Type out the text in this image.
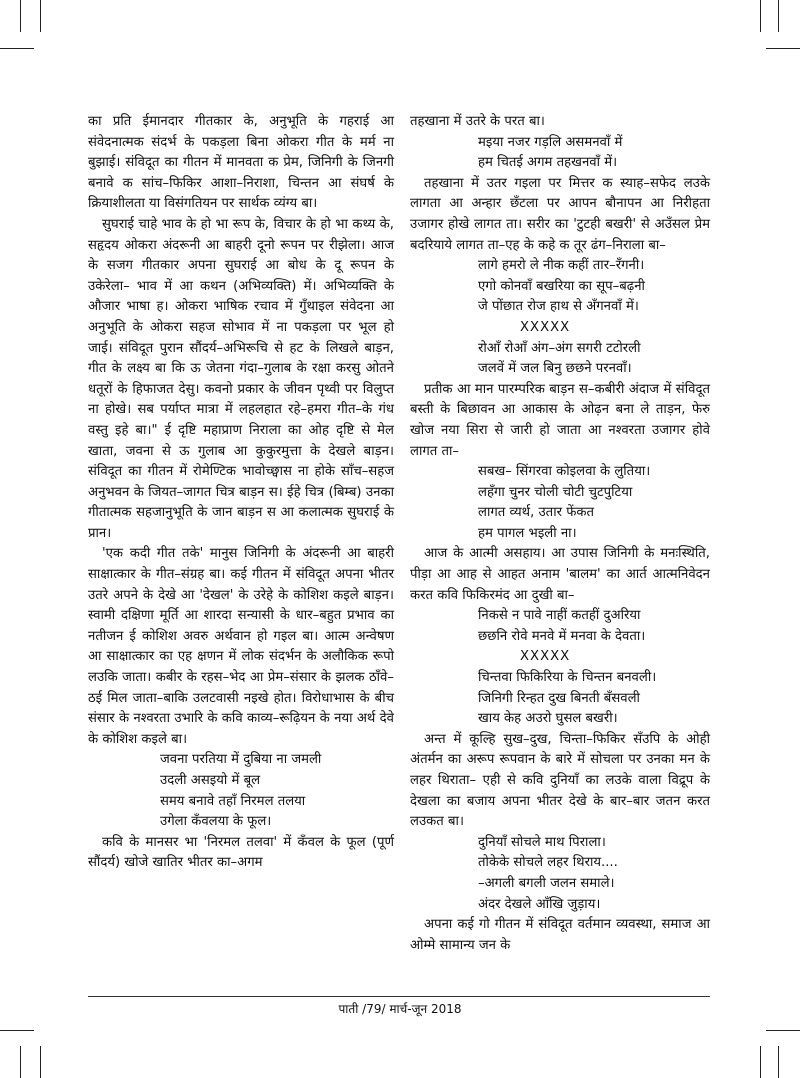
का प्रति ईमानदार गीतकार के, अनुभूति के गहराई आ संवेदनात्मक संदर्भ के पकड़ला बिना ओकरा गीत के मर्म ना बुझाई। संविदूत का गीतन में मानवता क प्रेम, जिनिगी के जिनगी बनावे क सांच–फिकिर आशा–निराशा, चिन्तन आ संघर्ष के क्रियाशीलता या विसंगतियन पर सार्थक व्यंग्य बा।

सुघराई चाहे भाव के हो भा रूप के, विचार के हो भा कथ्य के, सहृदय ओकरा अंदरूनी आ बाहरी दूनो रूपन पर रीझेला। आज के सजग गीतकार अपना सुघराई आ बोध के दू रूपन के उकेरेला– भाव में आ कथन (अभिव्यक्ति) में। अभिव्यक्ति के औजार भाषा ह। ओकरा भाषिक रचाव में गुँथाइल संवेदना आ अनुभूति के ओकरा सहज सोभाव में ना पकड़ला पर भूल हो जाई। संविदूत पुरान सौंदर्य–अभिरूचि से हट के लिखले बाड़न, गीत के लक्ष्य बा कि ऊ जेतना गंदा–गुलाब के रक्षा करसु ओतने धतूरों के हिफाजत देसु। कवनो प्रकार के जीवन पृथ्वी पर विलुप्त ना होखे। सब पर्याप्त मात्रा में लहलहात रहे–हमरा गीत–के गंध वस्तु इहे बा।" ई दृष्टि महाप्राण निराला का ओह दृष्टि से मेल खाता, जवना से ऊ गुलाब आ कुकुरमुत्ता के देखले बाड़न। संविदूत का गीतन में रोमेण्टिक भावोच्छ्वास ना होके साँच–सहज अनुभवन के जियत–जागत चित्र बाड़न स। ईहे चित्र (बिम्ब) उनका गीतात्मक सहजानुभूति के जान बाड़न स आ कलात्मक सुघराई के प्रान।

'एक कदी गीत तके' मानुस जिनिगी के अंदरूनी आ बाहरी साक्षात्कार के गीत–संग्रह बा। कई गीतन में संविदूत अपना भीतर उतरे अपने के देखे आ 'देखल' के उरेहे के कोशिश कइले बाड़न। स्वामी दक्षिणा मूर्ति आ शारदा सन्यासी के धार–बहुत प्रभाव का नतीजन ई कोशिश अवरु अर्थवान हो गइल बा। आत्म अन्वेषण आ साक्षात्कार का एह क्षणन में लोक संदर्भन के अलौकिक रूपो लउकि जाता। कबीर के रहस–भेद आ प्रेम–संसार के झलक ठाँवे–ठई मिल जाता–बाकि उलटवासी नइखे होत। विरोधाभास के बीच संसार के नश्वरता उभारि के कवि काव्य–रूढ़ियन के नया अर्थ देवे के कोशिश कइले बा।

जवना परतिया में दुबिया ना जमली
उदली असइयो में बूल
समय बनावे तहाँ निरमल तलया
उगेला कँवलया के फूल।

कवि के मानसर भा 'निरमल तलवा' में कँवल के फूल (पूर्ण सौंदर्य) खोजे खातिर भीतर का–अगम

तहखाना में उतरे के परत बा।

मइया नजर गड़लि असमनवाँ में
हम चितई अगम तहखनवाँ में।

तहखाना में उतर गइला पर मित्तर क स्याह–सफेद लउके लागता आ अन्हार छँटला पर आपन बौनापन आ निरीहता उजागर होखे लागत ता। सरीर का 'टुटही बखरी' से अउँसल प्रेम बदरियाये लागत ता–एह के कहे क तूर ढंग–निराला बा–

लागे हमरो ले नीक कहीं तार–रँगनी।
एगो कोनवाँ बखरिया का सूप–बढ़नी
जे पोंछात रोज हाथ से अँगनवाँ में।
XXXXX
रोआँ रोआँ अंग–अंग सगरी टटोरली
जलवें में जल बिनु छछने परनवाँ।

प्रतीक आ मान पारम्परिक बाड़न स–कबीरी अंदाज में संविदूत बस्ती के बिछावन आ आकास के ओढ़न बना ले ताड़न, फेरु खोज नया सिरा से जारी हो जाता आ नश्वरता उजागर होवे लागत ता–

सबख– सिंगरवा कोइलवा के लुतिया।
लहँगा चुनर चोली चोटी चुटपुटिया
लागत व्यर्थ, उतार फेंकत
हम पागल भइली ना।

आज के आत्मी असहाय। आ उपास जिनिगी के मनःस्थिति, पीड़ा आ आह से आहत अनाम 'बालम' का आर्त आत्मनिवेदन करत कवि फिकिरमंद आ दुखी बा–

निकसे न पावे नाहीं कतहीं दुअरिया
छछनि रोवे मनवे में मनवा के देवता।
XXXXX
चिन्तवा फिकिरिया के चिन्तन बनवली।
जिनिगी रिन्हत दुख बिनती बँसवली
खाय केह अउरो घुसल बखरी।

अन्त में कूल्हि सुख–दुख, चिन्ता–फिकिर सँउपि के ओही अंतर्मन का अरूप रूपवान के बारे में सोचला पर उनका मन के लहर थिराता– एही से कवि दुनियाँ का लउके वाला विद्रूप के देखला का बजाय अपना भीतर देखे के बार–बार जतन करत लउकत बा।

दुनियाँ सोचले माथ पिराला।
ताेकेके सोचले लहर थिराय....
–अगली बगली जलन समाले।
अंदर देखले आँखि जुड़ाय।

अपना कई गो गीतन में संविदूत वर्तमान व्यवस्था, समाज आ ओम्मे सामान्य जन के

पाती /79/ मार्च-जून 2018
